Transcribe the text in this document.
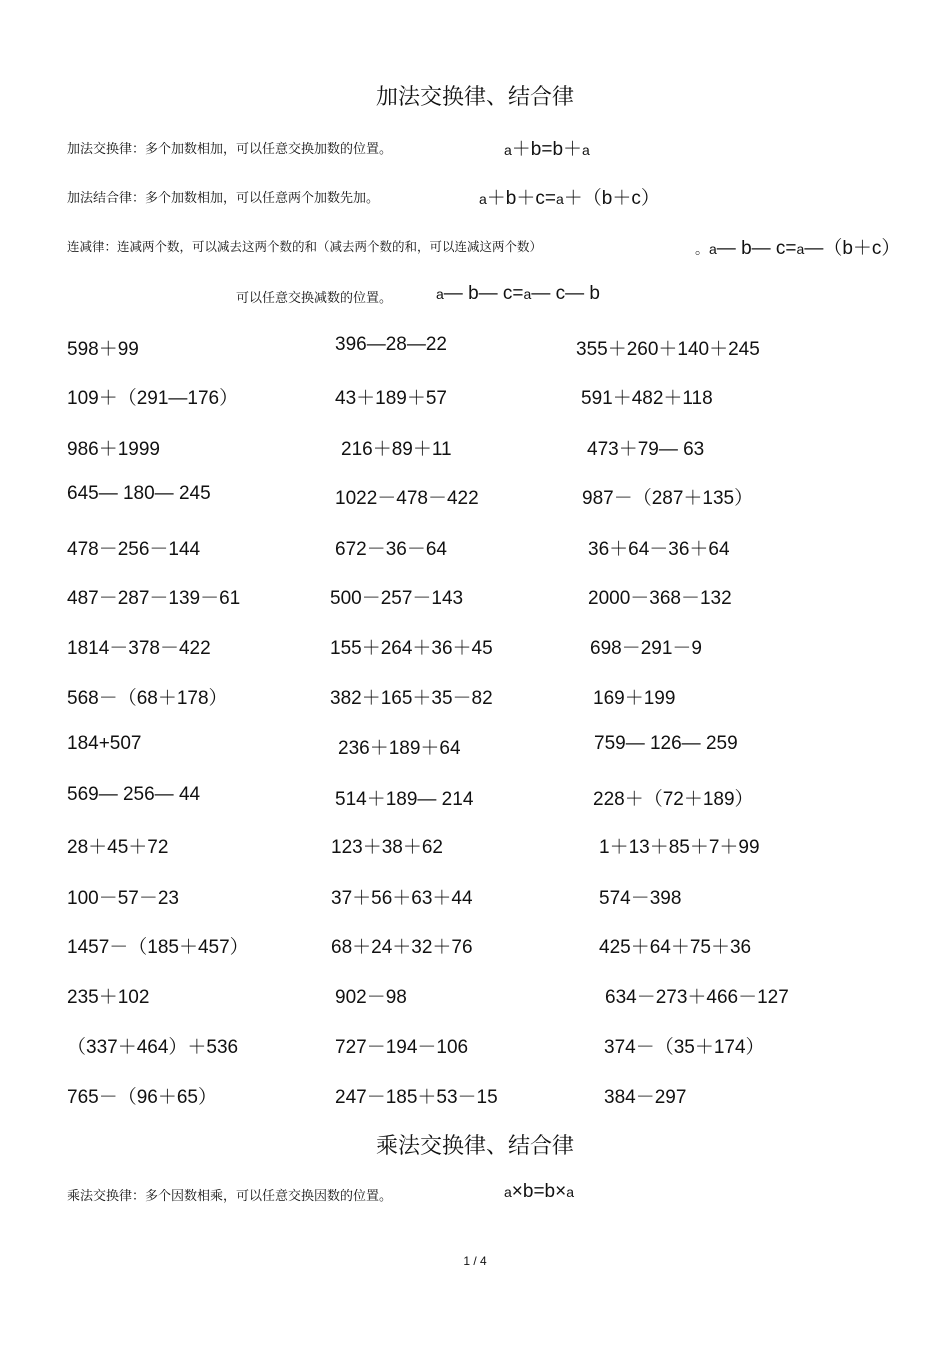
加法交换律、结合律
加法交换律：多个加数相加，可以任意交换加数的位置。	a＋b=b＋a
加法结合律：多个加数相加，可以任意两个加数先加。	a＋b＋c=a＋（b＋c）
连减律：连减两个数，可以减去这两个数的和（减去两个数的和，可以连减这两个数）	。a— b— c=a—（b＋c）
可以任意交换减数的位置。	a— b— c=a— c— b
598＋99	396—28—22	355＋260＋140＋245
109＋（291—176）	43＋189＋57	591＋482＋118
986＋1999	216＋89＋11	473＋79— 63
645— 180— 245	1022－478－422	987－（287＋135）
478－256－144	672－36－64	36＋64－36＋64
487－287－139－61	500－257－143	2000－368－132
1814－378－422	155＋264＋36＋45	698－291－9
568－（68＋178）	382＋165＋35－82	169＋199
184+507	236＋189＋64	759— 126— 259
569— 256— 44	514＋189— 214	228＋（72＋189）
28＋45＋72	123＋38＋62	1＋13＋85＋7＋99
100－57－23	37＋56＋63＋44	574－398
1457－（185＋457）	68＋24＋32＋76	425＋64＋75＋36
235＋102	902－98	634－273＋466－127
（337＋464）＋536	727－194－106	374－（35＋174）
765－（96＋65）	247－185＋53－15	384－297
乘法交换律、结合律
乘法交换律：多个因数相乘，可以任意交换因数的位置。	a×b=b×a
1 / 4
